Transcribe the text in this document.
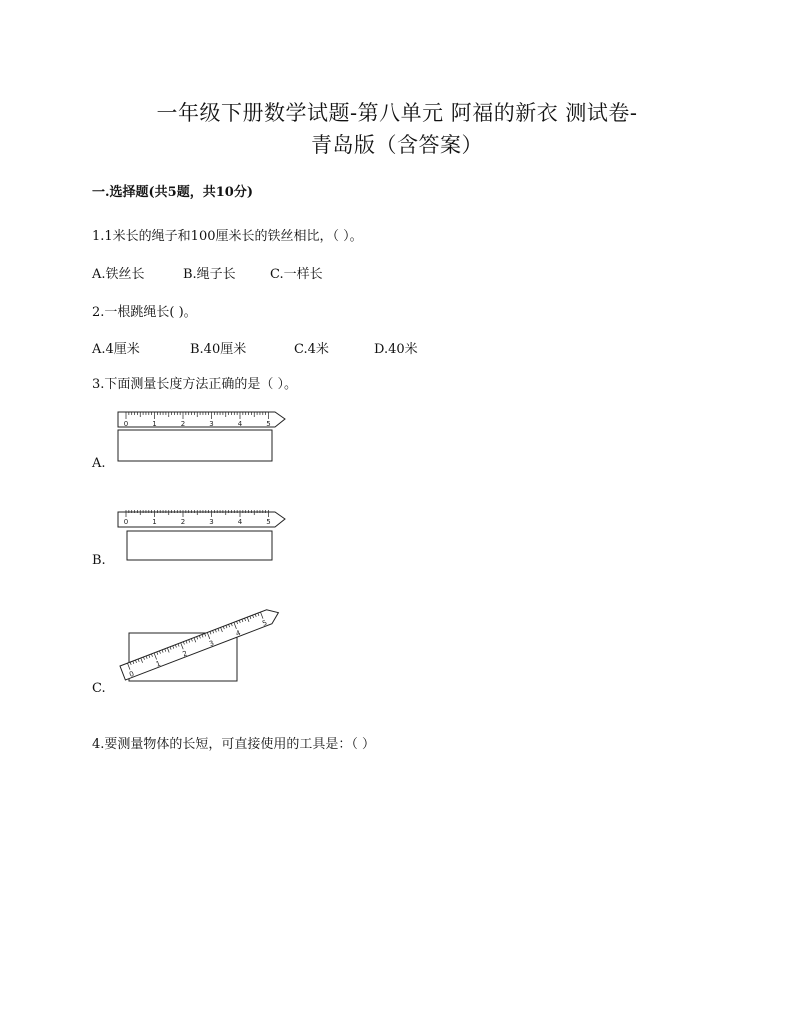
一年级下册数学试题-第八单元 阿福的新衣 测试卷-
青岛版（含答案）
一.选择题(共5题，共10分)
1.1米长的绳子和100厘米长的铁丝相比，（ ）。
A.铁丝长	B.绳子长	C.一样长
2.一根跳绳长( )。
A.4厘米	B.40厘米	C.4米	D.40米
3.下面测量长度方法正确的是（ ）。
0	1	2	3	4	5
A.
0	1	2	3	4	5
B.
0
1
2
3
4
5
C.
4.要测量物体的长短，可直接使用的工具是：（ ）
